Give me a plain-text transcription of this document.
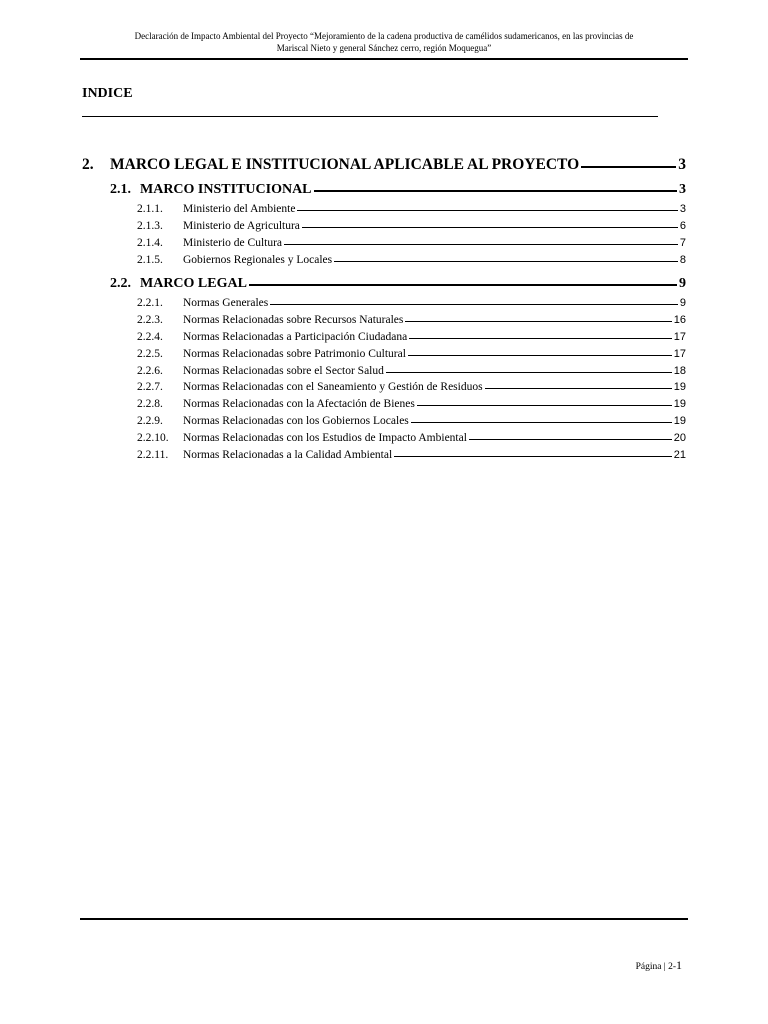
Declaración de Impacto Ambiental del Proyecto “Mejoramiento de la cadena productiva de camélidos sudamericanos, en las provincias de
Mariscal Nieto y general Sánchez cerro, región Moquegua”
INDICE
2.	MARCO LEGAL E INSTITUCIONAL APLICABLE AL PROYECTO	3
2.1. MARCO INSTITUCIONAL	3
2.1.1.	Ministerio del Ambiente	3
2.1.3.	Ministerio de Agricultura	6
2.1.4.	Ministerio de Cultura	7
2.1.5.	Gobiernos Regionales y Locales	8
2.2. MARCO LEGAL	9
2.2.1.	Normas Generales	9
2.2.3.	Normas Relacionadas sobre Recursos Naturales	16
2.2.4.	Normas Relacionadas a Participación Ciudadana	17
2.2.5.	Normas Relacionadas sobre Patrimonio Cultural	17
2.2.6.	Normas Relacionadas sobre el Sector Salud	18
2.2.7.	Normas Relacionadas con el Saneamiento y Gestión de Residuos	19
2.2.8.	Normas Relacionadas con la Afectación de Bienes	19
2.2.9.	Normas Relacionadas con los Gobiernos Locales	19
2.2.10.	Normas Relacionadas con los Estudios de Impacto Ambiental	20
2.2.11.	Normas Relacionadas a la Calidad Ambiental	21
Página | 2-1
